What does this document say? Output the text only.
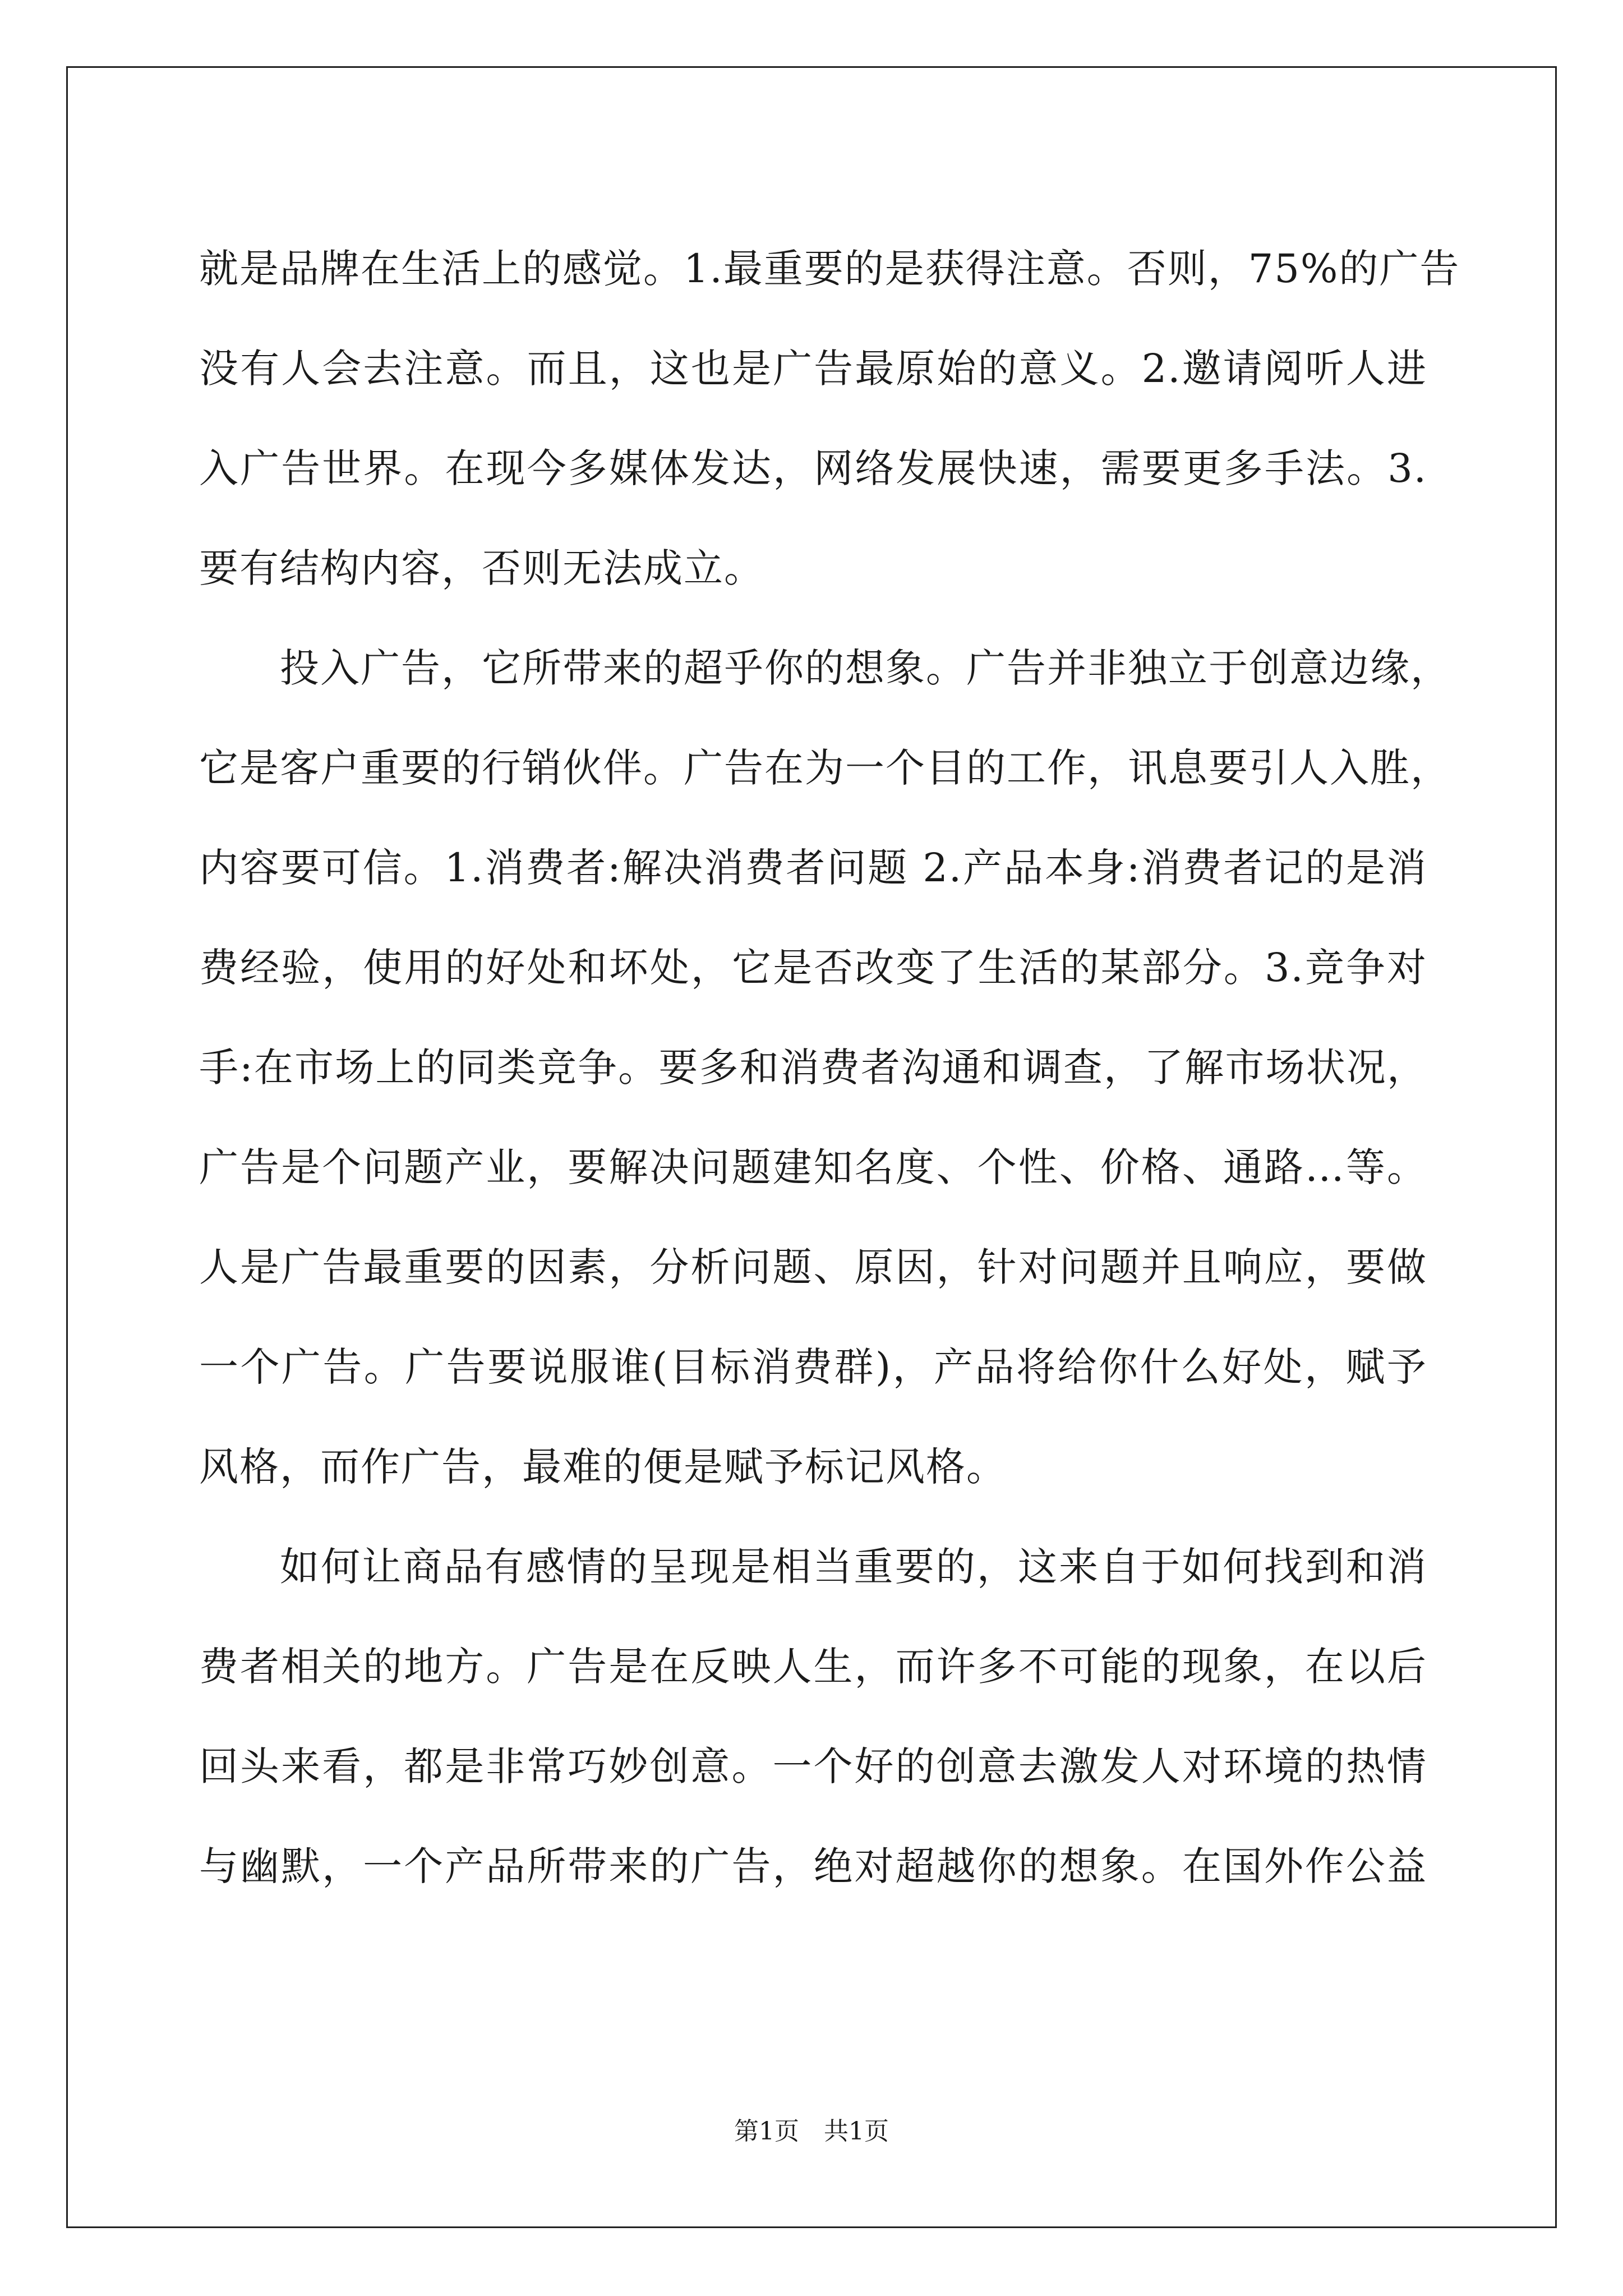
就是品牌在生活上的感觉。1.最重要的是获得注意。否则，75%的广告
没有人会去注意。而且，这也是广告最原始的意义。2.邀请阅听人进
入广告世界。在现今多媒体发达，网络发展快速，需要更多手法。3.
要有结构内容，否则无法成立。
投入广告，它所带来的超乎你的想象。广告并非独立于创意边缘，
它是客户重要的行销伙伴。广告在为一个目的工作，讯息要引人入胜，
内容要可信。1.消费者:解决消费者问题 2.产品本身:消费者记的是消
费经验，使用的好处和坏处，它是否改变了生活的某部分。3.竞争对
手:在市场上的同类竞争。要多和消费者沟通和调查，了解市场状况，
广告是个问题产业，要解决问题建知名度、个性、价格、通路…等。
人是广告最重要的因素，分析问题、原因，针对问题并且响应，要做
一个广告。广告要说服谁(目标消费群)，产品将给你什么好处，赋予
风格，而作广告，最难的便是赋予标记风格。
如何让商品有感情的呈现是相当重要的，这来自于如何找到和消
费者相关的地方。广告是在反映人生，而许多不可能的现象，在以后
回头来看，都是非常巧妙创意。一个好的创意去激发人对环境的热情
与幽默，一个产品所带来的广告，绝对超越你的想象。在国外作公益
第1页　共1页
